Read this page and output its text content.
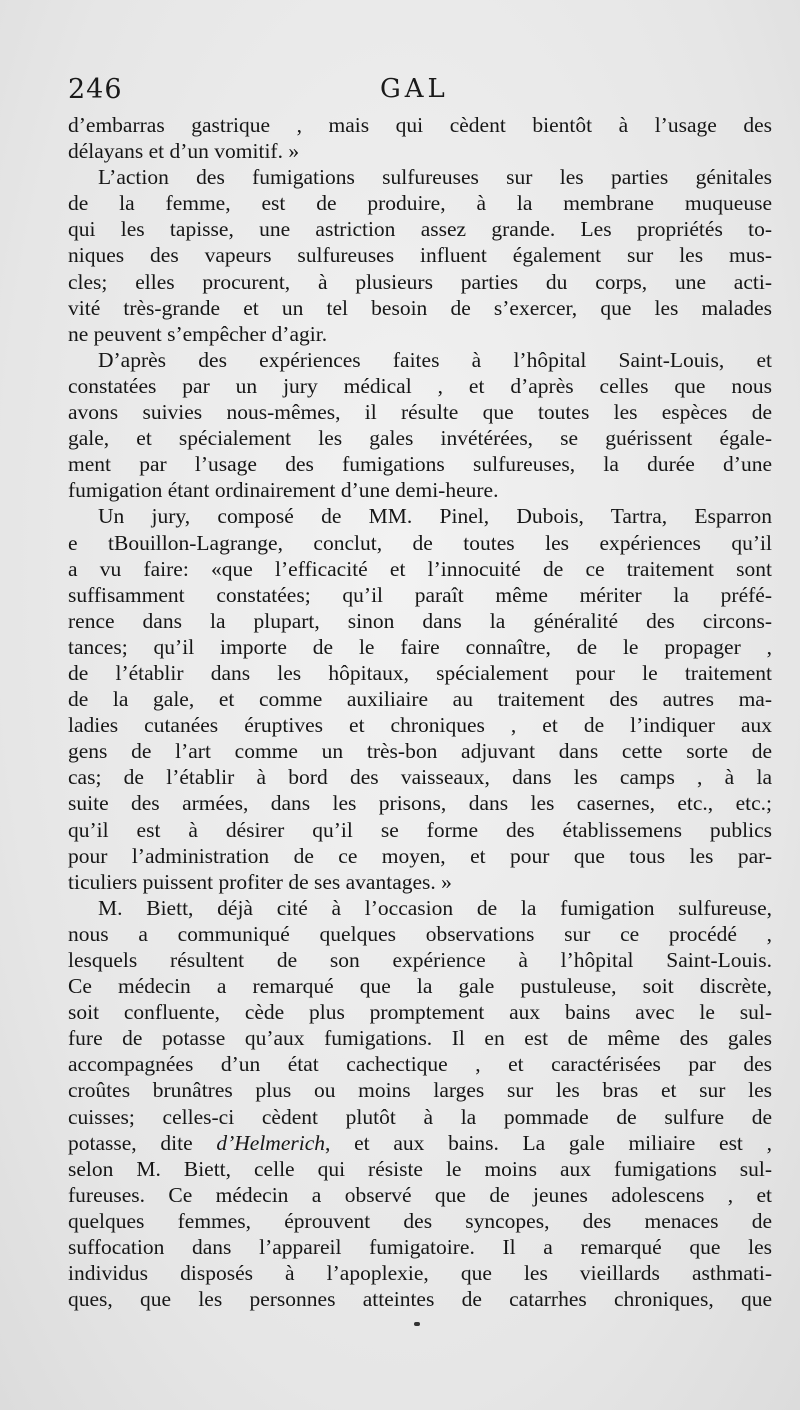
246	GAL
d’embarras gastrique , mais qui cèdent bientôt à l’usage des
délayans et d’un vomitif. »
L’action des fumigations sulfureuses sur les parties génitales
de la femme, est de produire, à la membrane muqueuse
qui les tapisse, une astriction assez grande. Les propriétés to-
niques des vapeurs sulfureuses influent également sur les mus-
cles; elles procurent, à plusieurs parties du corps, une acti-
vité très-grande et un tel besoin de s’exercer, que les malades
ne peuvent s’empêcher d’agir.
D’après des expériences faites à l’hôpital Saint-Louis, et
constatées par un jury médical , et d’après celles que nous
avons suivies nous-mêmes, il résulte que toutes les espèces de
gale, et spécialement les gales invétérées, se guérissent égale-
ment par l’usage des fumigations sulfureuses, la durée d’une
fumigation étant ordinairement d’une demi-heure.
Un jury, composé de MM. Pinel, Dubois, Tartra, Esparron
e tBouillon-Lagrange, conclut, de toutes les expériences qu’il
a vu faire: «que l’efficacité et l’innocuité de ce traitement sont
suffisamment constatées; qu’il paraît même mériter la préfé-
rence dans la plupart, sinon dans la généralité des circons-
tances; qu’il importe de le faire connaître, de le propager ,
de l’établir dans les hôpitaux, spécialement pour le traitement
de la gale, et comme auxiliaire au traitement des autres ma-
ladies cutanées éruptives et chroniques , et de l’indiquer aux
gens de l’art comme un très-bon adjuvant dans cette sorte de
cas; de l’établir à bord des vaisseaux, dans les camps , à la
suite des armées, dans les prisons, dans les casernes, etc., etc.;
qu’il est à désirer qu’il se forme des établissemens publics
pour l’administration de ce moyen, et pour que tous les par-
ticuliers puissent profiter de ses avantages. »
M. Biett, déjà cité à l’occasion de la fumigation sulfureuse,
nous a communiqué quelques observations sur ce procédé ,
lesquels résultent de son expérience à l’hôpital Saint-Louis.
Ce médecin a remarqué que la gale pustuleuse, soit discrète,
soit confluente, cède plus promptement aux bains avec le sul-
fure de potasse qu’aux fumigations. Il en est de même des gales
accompagnées d’un état cachectique , et caractérisées par des
croûtes brunâtres plus ou moins larges sur les bras et sur les
cuisses; celles-ci cèdent plutôt à la pommade de sulfure de
potasse, dite d’Helmerich, et aux bains. La gale miliaire est ,
selon M. Biett, celle qui résiste le moins aux fumigations sul-
fureuses. Ce médecin a observé que de jeunes adolescens , et
quelques femmes, éprouvent des syncopes, des menaces de
suffocation dans l’appareil fumigatoire. Il a remarqué que les
individus disposés à l’apoplexie, que les vieillards asthmati-
ques, que les personnes atteintes de catarrhes chroniques, que
